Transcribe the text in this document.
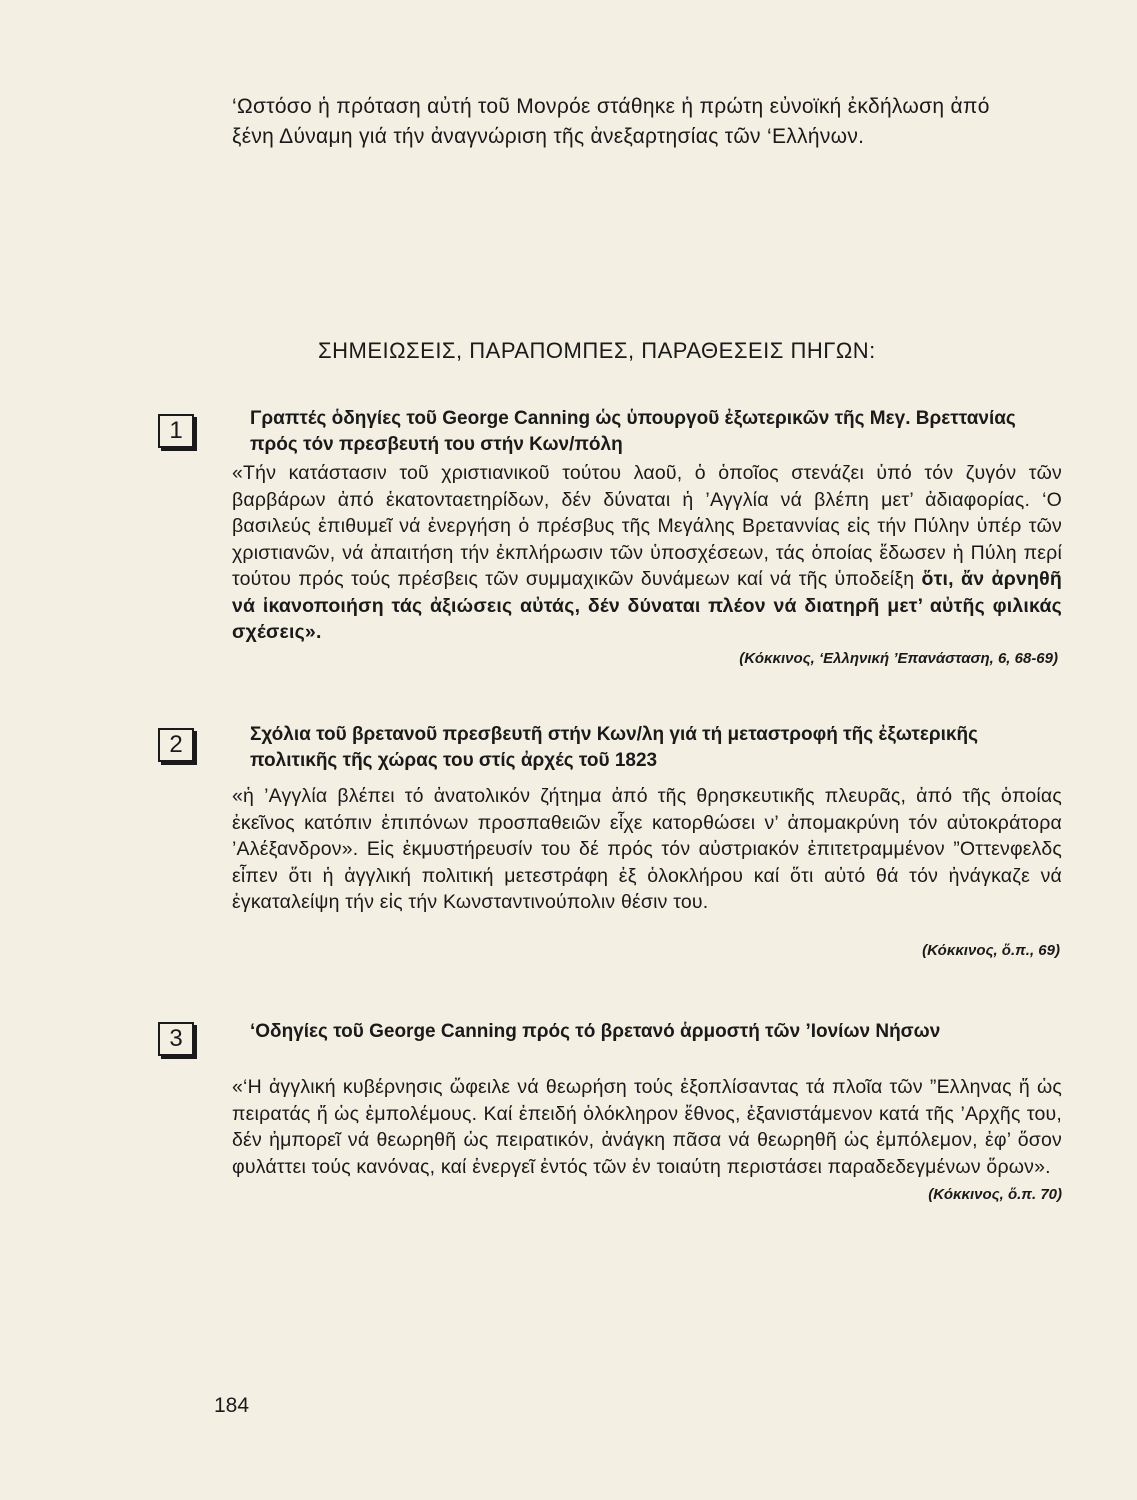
‘Ωστόσο ἡ πρόταση αὐτή τοῦ Μονρόε στάθηκε ἡ πρώτη εὐνοϊκή ἐκδήλωση ἀπό ξένη Δύναμη γιά τήν ἀναγνώριση τῆς ἀνεξαρτησίας τῶν ‘Ελλήνων.

ΣΗΜΕΙΩΣΕΙΣ, ΠΑΡΑΠΟΜΠΕΣ, ΠΑΡΑΘΕΣΕΙΣ ΠΗΓΩΝ:

1	Γραπτές ὁδηγίες τοῦ George Canning ὡς ὑπουργοῦ ἐξωτερικῶν τῆς Μεγ. Βρεττανίας πρός τόν πρεσβευτή του στήν Κων/πόλη

«Τήν κατάστασιν τοῦ χριστιανικοῦ τούτου λαοῦ, ὁ ὁποῖος στενάζει ὑπό τόν ζυγόν τῶν βαρβάρων ἀπό ἑκατονταετηρίδων, δέν δύναται ἡ ’Αγγλία νά βλέπη μετ’ ἀδιαφορίας. ‘Ο βασιλεύς ἐπιθυμεῖ νά ἐνεργήση ὁ πρέσβυς τῆς Μεγάλης Βρεταννίας εἰς τήν Πύλην ὑπέρ τῶν χριστιανῶν, νά ἀπαιτήση τήν ἐκπλήρωσιν τῶν ὑποσχέσεων, τάς ὁποίας ἔδωσεν ἡ Πύλη περί τούτου πρός τούς πρέσβεις τῶν συμμαχικῶν δυνάμεων καί νά τῆς ὑποδείξη ὅτι, ἄν ἀρνηθῆ νά ἱκανοποιήση τάς ἀξιώσεις αὐτάς, δέν δύναται πλέον νά διατηρῆ μετ’ αὐτῆς φιλικάς σχέσεις».

(Κόκκινος, ‘Ελληνική ’Επανάσταση, 6, 68-69)

2	Σχόλια τοῦ βρετανοῦ πρεσβευτῆ στήν Κων/λη γιά τή μεταστροφή τῆς ἐξωτερικῆς πολιτικῆς τῆς χώρας του στίς ἀρχές τοῦ 1823

«ἡ ’Αγγλία βλέπει τό ἀνατολικόν ζήτημα ἀπό τῆς θρησκευτικῆς πλευρᾶς, ἀπό τῆς ὁποίας ἐκεῖνος κατόπιν ἐπιπόνων προσπαθειῶν εἶχε κατορθώσει ν’ ἀπομακρύνη τόν αὐτοκράτορα ’Αλέξανδρον». Εἰς ἐκμυστήρευσίν του δέ πρός τόν αὐστριακόν ἐπιτετραμμένον ”Οττενφελδς εἶπεν ὅτι ἡ ἀγγλική πολιτική μετεστράφη ἐξ ὁλοκλήρου καί ὅτι αὐτό θά τόν ἠνάγκαζε νά ἐγκαταλείψη τήν εἰς τήν Κωνσταντινούπολιν θέσιν του.

(Κόκκινος, ὅ.π., 69)

3	‘Οδηγίες τοῦ George Canning πρός τό βρετανό ἁρμοστή τῶν ’Ιονίων Νήσων

«‘Η ἀγγλική κυβέρνησις ὤφειλε νά θεωρήση τούς ἐξοπλίσαντας τά πλοῖα τῶν ”Ελληνας ἤ ὡς πειρατάς ἤ ὡς ἐμπολέμους. Καί ἐπειδή ὁλόκληρον ἔθνος, ἐξανιστάμενον κατά τῆς ’Αρχῆς του, δέν ἠμπορεῖ νά θεωρηθῆ ὡς πειρατικόν, ἀνάγκη πᾶσα νά θεωρηθῆ ὡς ἐμπόλεμον, ἐφ’ ὅσον φυλάττει τούς κανόνας, καί ἐνεργεῖ ἐντός τῶν ἐν τοιαύτη περιστάσει παραδεδεγμένων ὅρων».

(Κόκκινος, ὅ.π. 70)

184
